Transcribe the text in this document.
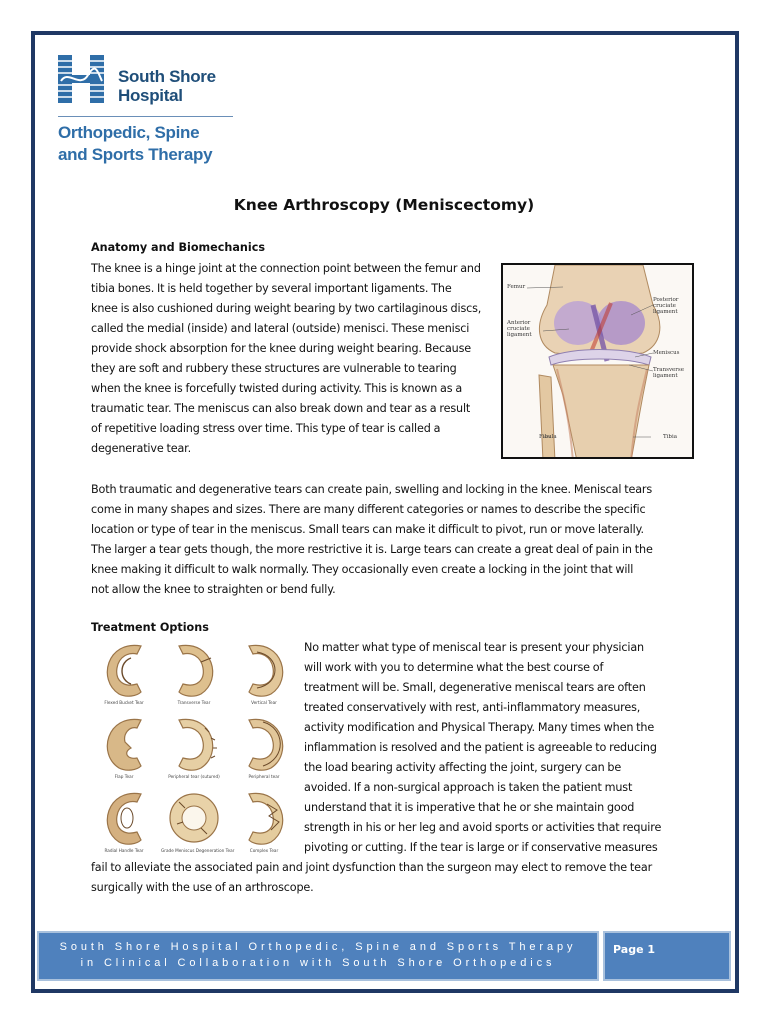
South Shore
Hospital
Orthopedic, Spine
and Sports Therapy
Knee Arthroscopy (Meniscectomy)
Anatomy and Biomechanics
The knee is a hinge joint at the connection point between the femur and
tibia bones. It is held together by several important ligaments. The
knee is also cushioned during weight bearing by two cartilaginous discs,
called the medial (inside) and lateral (outside) menisci. These menisci
provide shock absorption for the knee during weight bearing. Because
they are soft and rubbery these structures are vulnerable to tearing
when the knee is forcefully twisted during activity. This is known as a
traumatic tear. The meniscus can also break down and tear as a result
of repetitive loading stress over time. This type of tear is called a
degenerative tear.
Femur
Posterior cruciate ligament
Anterior cruciate ligament
Meniscus
Transverse ligament
Fibula	Tibia
Both traumatic and degenerative tears can create pain, swelling and locking in the knee. Meniscal tears
come in many shapes and sizes. There are many different categories or names to describe the specific
location or type of tear in the meniscus. Small tears can make it difficult to pivot, run or move laterally.
The larger a tear gets though, the more restrictive it is. Large tears can create a great deal of pain in the
knee making it difficult to walk normally. They occasionally even create a locking in the joint that will
not allow the knee to straighten or bend fully.
Treatment Options
Flexed Bucket Tear	Transverse Tear	Vertical Tear
Flap Tear	Peripheral tear (sutured)	Peripheral tear
Radial Handle Tear	Grade Meniscus Degeneration Tear	Complex Tear
No matter what type of meniscal tear is present your physician
will work with you to determine what the best course of
treatment will be. Small, degenerative meniscal tears are often
treated conservatively with rest, anti-inflammatory measures,
activity modification and Physical Therapy. Many times when the
inflammation is resolved and the patient is agreeable to reducing
the load bearing activity affecting the joint, surgery can be
avoided. If a non-surgical approach is taken the patient must
understand that it is imperative that he or she maintain good
strength in his or her leg and avoid sports or activities that require
pivoting or cutting. If the tear is large or if conservative measures
fail to alleviate the associated pain and joint dysfunction than the surgeon may elect to remove the tear
surgically with the use of an arthroscope.
South Shore Hospital Orthopedic, Spine and Sports Therapy
in Clinical Collaboration with South Shore Orthopedics
Page 1
